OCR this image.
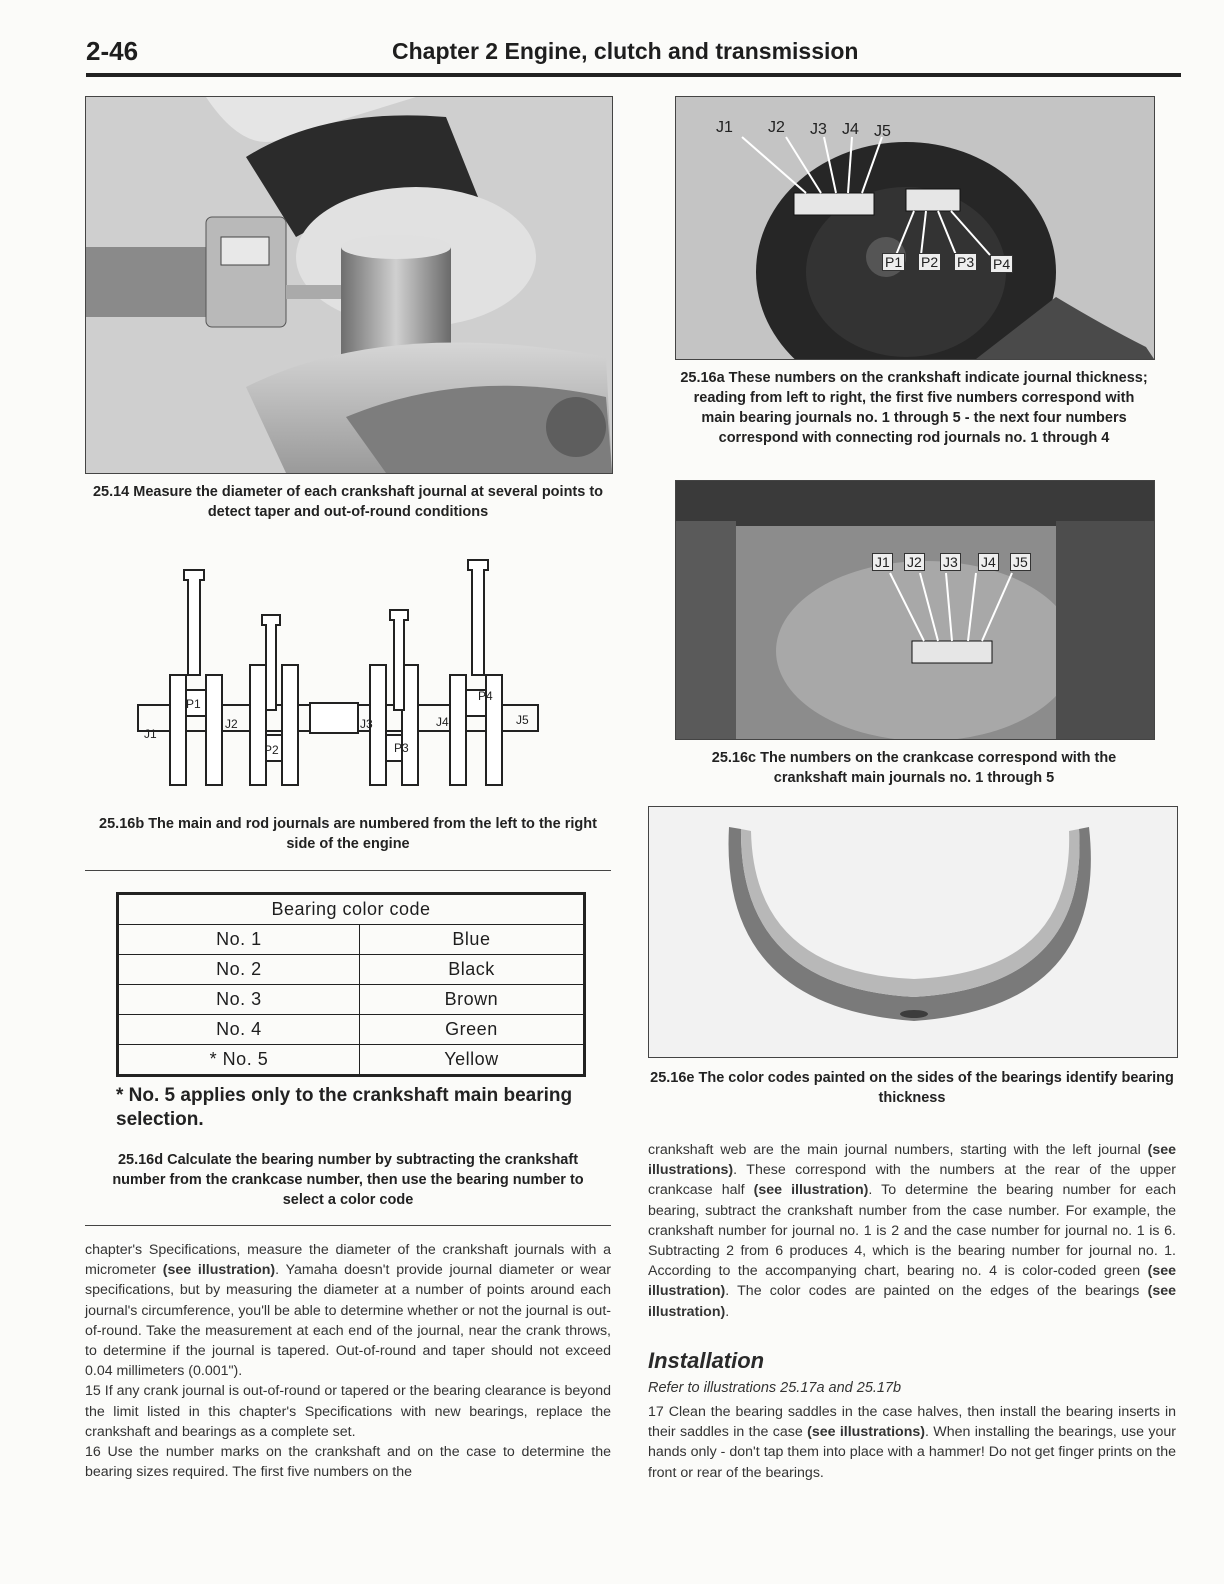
2-46	Chapter 2 Engine, clutch and transmission
25.14 Measure the diameter of each crankshaft journal at several points to detect taper and out-of-round conditions
J1
J2	J3	J4	J5
P1
P2	P3
P4
25.16b The main and rod journals are numbered from the left to the right side of the engine
Bearing color code	
No. 1	Blue
No. 2	Black
No. 3	Brown
No. 4	Green
* No. 5	Yellow
* No. 5 applies only to the crankshaft main bearing selection.
25.16d Calculate the bearing number by subtracting the crankshaft number from the crankcase number, then use the bearing number to select a color code

chapter's Specifications, measure the diameter of the crankshaft journals with a micrometer (see illustration). Yamaha doesn't provide journal diameter or wear specifications, but by measuring the diameter at a number of points around each journal's circumference, you'll be able to determine whether or not the journal is out-of-round. Take the measurement at each end of the journal, near the crank throws, to determine if the journal is tapered. Out-of-round and taper should not exceed 0.04 millimeters (0.001").

15 If any crank journal is out-of-round or tapered or the bearing clearance is beyond the limit listed in this chapter's Specifications with new bearings, replace the crankshaft and bearings as a complete set.

16 Use the number marks on the crankshaft and on the case to determine the bearing sizes required. The first five numbers on the

J1 J2 J3 J4 J5
P1 P2 P3 P4
25.16a These numbers on the crankshaft indicate journal thickness; reading from left to right, the first five numbers correspond with main bearing journals no. 1 through 5 - the next four numbers correspond with connecting rod journals no. 1 through 4
J1 J2 J3 J4 J5
25.16c The numbers on the crankcase correspond with the crankshaft main journals no. 1 through 5
25.16e The color codes painted on the sides of the bearings identify bearing thickness

crankshaft web are the main journal numbers, starting with the left journal (see illustrations). These correspond with the numbers at the rear of the upper crankcase half (see illustration). To determine the bearing number for each bearing, subtract the crankshaft number from the case number. For example, the crankshaft number for journal no. 1 is 2 and the case number for journal no. 1 is 6. Subtracting 2 from 6 produces 4, which is the bearing number for journal no. 1. According to the accompanying chart, bearing no. 4 is color-coded green (see illustration). The color codes are painted on the edges of the bearings (see illustration).

Installation
Refer to illustrations 25.17a and 25.17b

17 Clean the bearing saddles in the case halves, then install the bearing inserts in their saddles in the case (see illustrations). When installing the bearings, use your hands only - don't tap them into place with a hammer! Do not get finger prints on the front or rear of the bearings.
